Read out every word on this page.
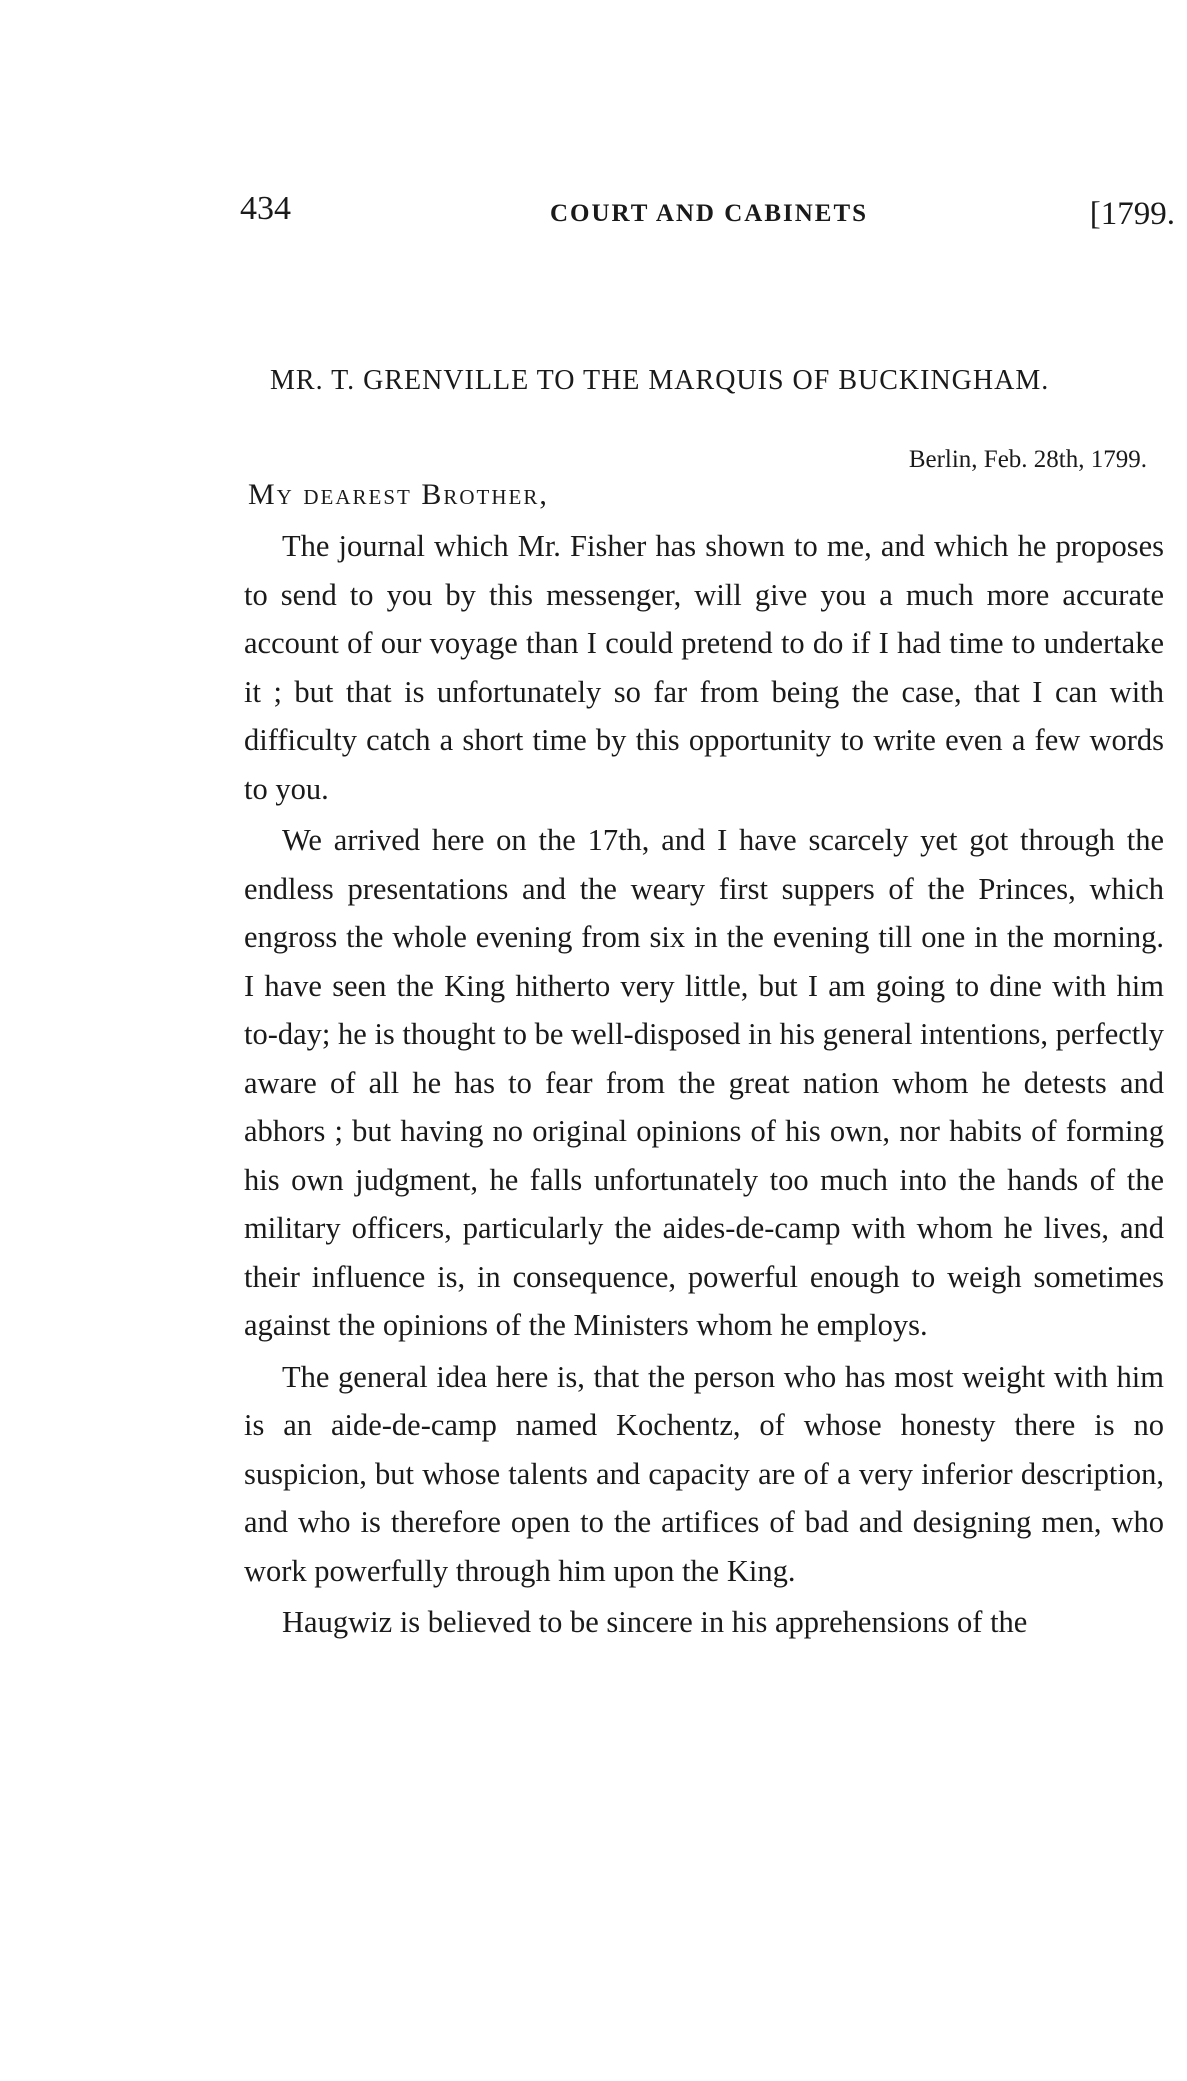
434	COURT AND CABINETS	[1799.
MR. T. GRENVILLE TO THE MARQUIS OF BUCKINGHAM.
Berlin, Feb. 28th, 1799.
My dearest Brother,

The journal which Mr. Fisher has shown to me, and which he proposes to send to you by this messenger, will give you a much more accurate account of our voyage than I could pretend to do if I had time to undertake it ; but that is unfortunately so far from being the case, that I can with difficulty catch a short time by this opportunity to write even a few words to you.

We arrived here on the 17th, and I have scarcely yet got through the endless presentations and the weary first suppers of the Princes, which engross the whole evening from six in the evening till one in the morning. I have seen the King hitherto very little, but I am going to dine with him to-day; he is thought to be well-disposed in his general intentions, perfectly aware of all he has to fear from the great nation whom he detests and abhors ; but having no original opinions of his own, nor habits of forming his own judgment, he falls unfortunately too much into the hands of the military officers, particularly the aides-de-camp with whom he lives, and their influence is, in consequence, powerful enough to weigh sometimes against the opinions of the Ministers whom he employs.

The general idea here is, that the person who has most weight with him is an aide-de-camp named Kochentz, of whose honesty there is no suspicion, but whose talents and capacity are of a very inferior description, and who is therefore open to the artifices of bad and designing men, who work powerfully through him upon the King.

Haugwiz is believed to be sincere in his apprehensions of the
